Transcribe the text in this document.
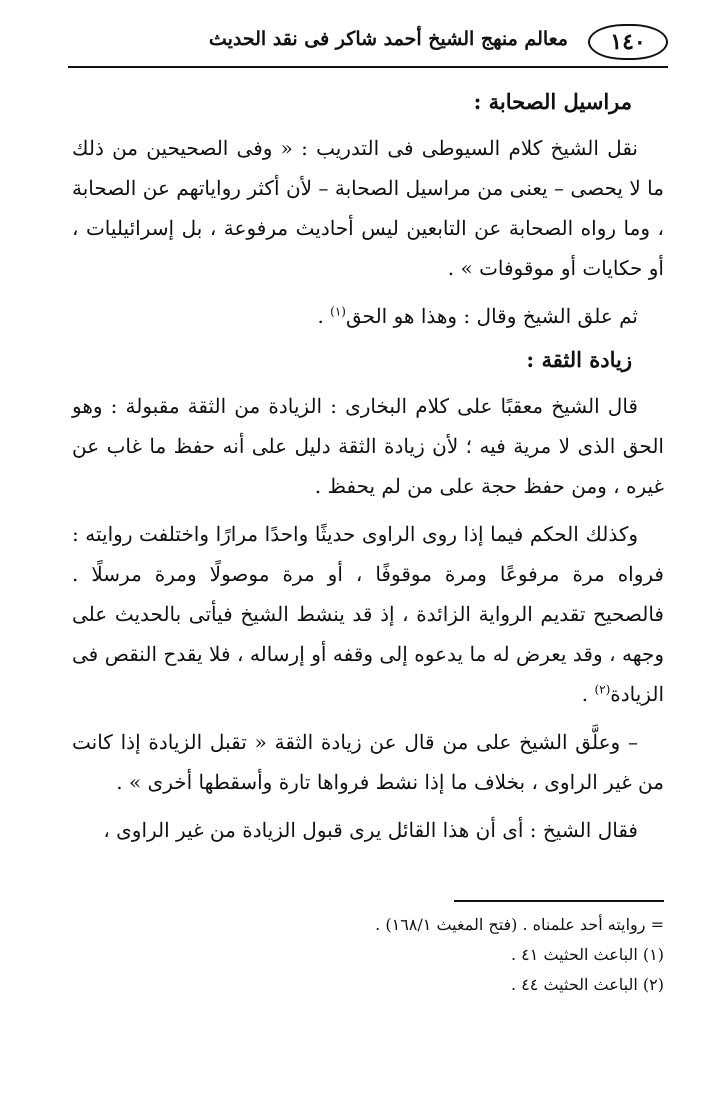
١٤٠
معالم منهج الشيخ أحمد شاكر فى نقد الحديث
مراسيل الصحابة :

نقل الشيخ كلام السيوطى فى التدريب : « وفى الصحيحين من ذلك ما لا يحصى – يعنى من مراسيل الصحابة – لأن أكثر رواياتهم عن الصحابة ، وما رواه الصحابة عن التابعين ليس أحاديث مرفوعة ، بل إسرائيليات ، أو حكايات أو موقوفات » .

ثم علق الشيخ وقال : وهذا هو الحق$^{(١)}$ .

زيادة الثقة :

قال الشيخ معقبًا على كلام البخارى : الزيادة من الثقة مقبولة : وهو الحق الذى لا مرية فيه ؛ لأن زيادة الثقة دليل على أنه حفظ ما غاب عن غيره ، ومن حفظ حجة على من لم يحفظ .

وكذلك الحكم فيما إذا روى الراوى حديثًا واحدًا مرارًا واختلفت روايته : فرواه مرة مرفوعًا ومرة موقوفًا ، أو مرة موصولًا ومرة مرسلًا . فالصحيح تقديم الرواية الزائدة ، إذ قد ينشط الشيخ فيأتى بالحديث على وجهه ، وقد يعرض له ما يدعوه إلى وقفه أو إرساله ، فلا يقدح النقص فى الزيادة$^{(٢)}$ .

– وعلَّق الشيخ على من قال عن زيادة الثقة « تقبل الزيادة إذا كانت من غير الراوى ، بخلاف ما إذا نشط فرواها تارة وأسقطها أخرى » .

فقال الشيخ : أى أن هذا القائل يرى قبول الزيادة من غير الراوى ،

= روايته أحد علمناه . (فتح المغيث ١٦٨/١) .

(١) الباعث الحثيث ٤١ .

(٢) الباعث الحثيث ٤٤ .
